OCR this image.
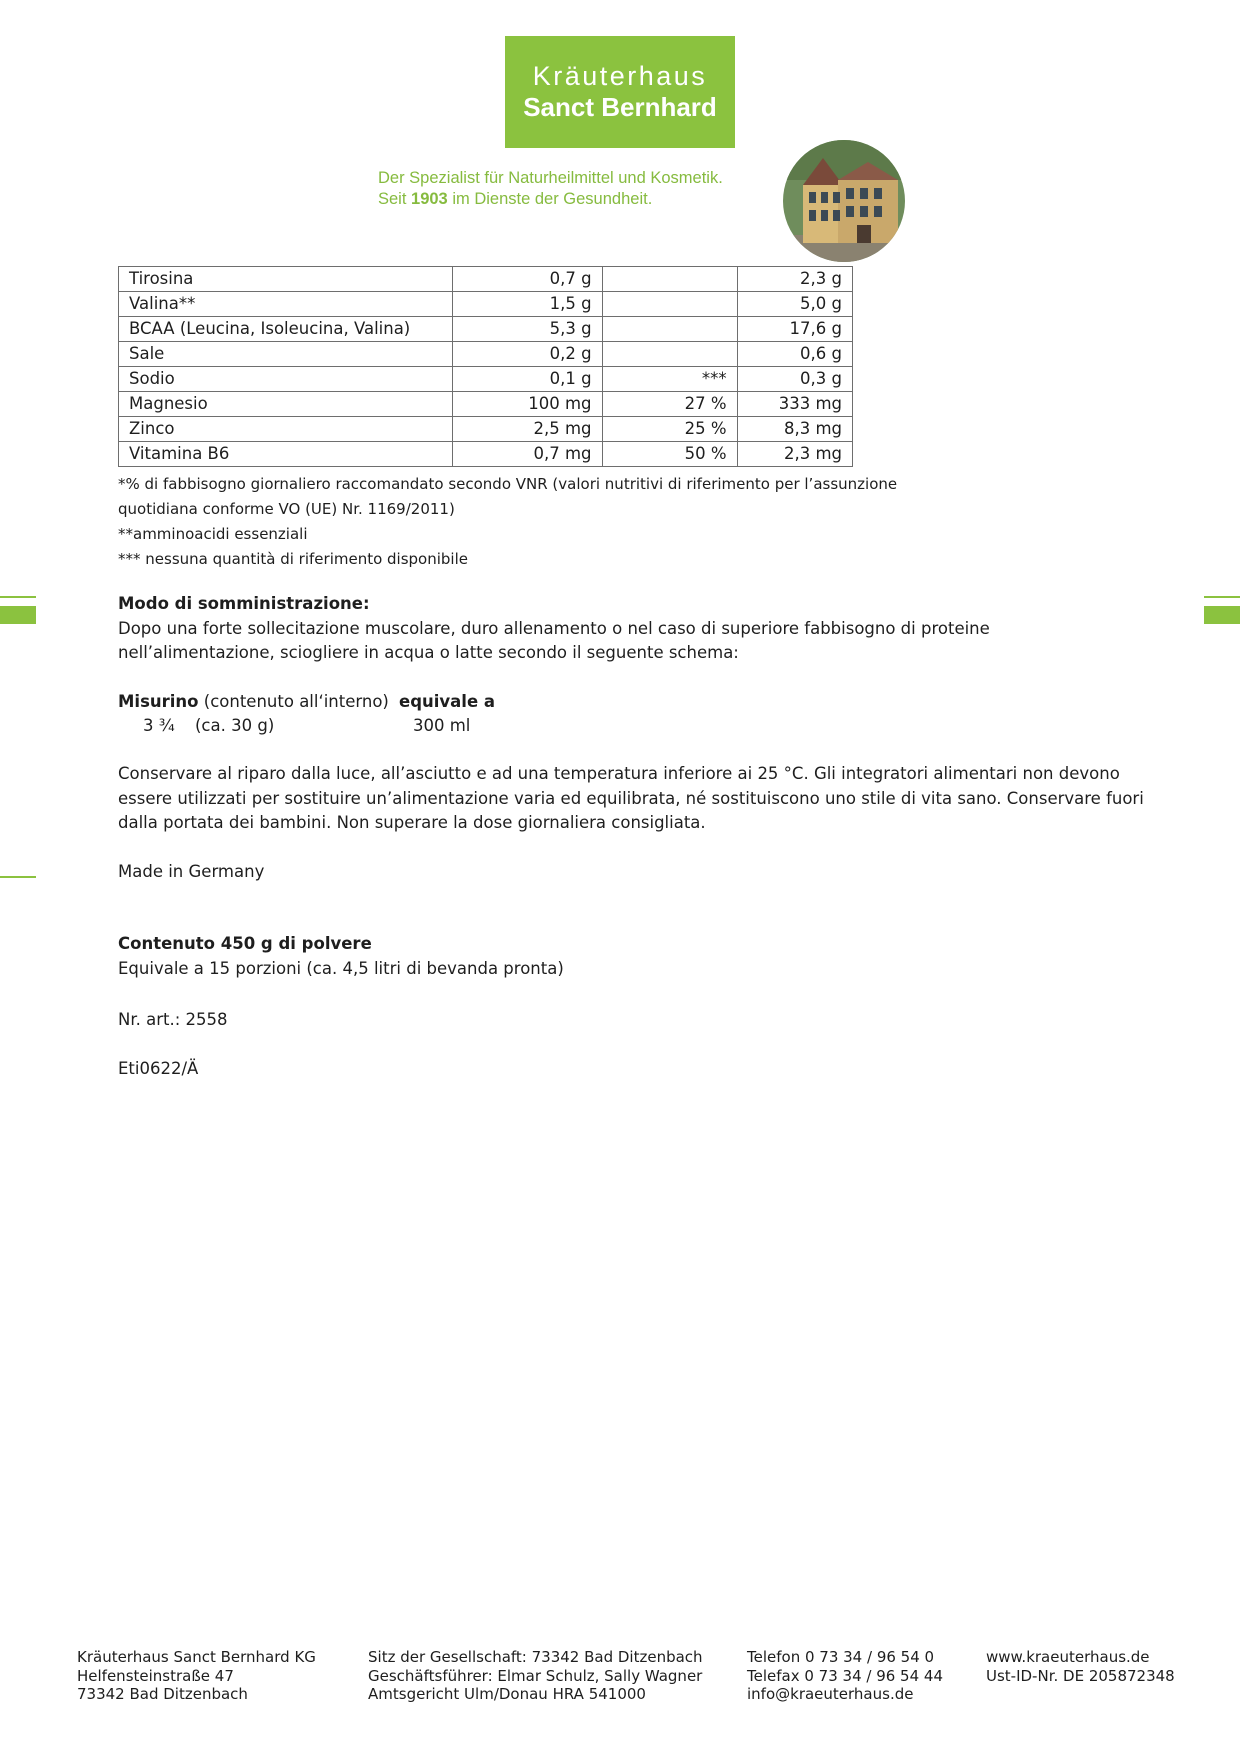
Kräuterhaus
Sanct Bernhard
Der Spezialist für Naturheilmittel und Kosmetik.
Seit 1903 im Dienste der Gesundheit.
Tirosina	0,7 g		2,3 g
Valina**	1,5 g		5,0 g
BCAA (Leucina, Isoleucina, Valina)	5,3 g		17,6 g
Sale	0,2 g		0,6 g
Sodio	0,1 g	***	0,3 g
Magnesio	100 mg	27 %	333 mg
Zinco	2,5 mg	25 %	8,3 mg
Vitamina B6	0,7 mg	50 %	2,3 mg
*% di fabbisogno giornaliero raccomandato secondo VNR (valori nutritivi di riferimento per l’assunzione
quotidiana conforme VO (UE) Nr. 1169/2011)
**amminoacidi essenziali
*** nessuna quantità di riferimento disponibile
Modo di somministrazione:
Dopo una forte sollecitazione muscolare, duro allenamento o nel caso di superiore fabbisogno di proteine
nell’alimentazione, sciogliere in acqua o latte secondo il seguente schema:
Misurino (contenuto all‘interno) equivale a
3 ¾ (ca. 30 g)	300 ml
Conservare al riparo dalla luce, all’asciutto e ad una temperatura inferiore ai 25 °C. Gli integratori alimentari non devono
essere utilizzati per sostituire un’alimentazione varia ed equilibrata, né sostituiscono uno stile di vita sano. Conservare fuori
dalla portata dei bambini. Non superare la dose giornaliera consigliata.
Made in Germany
Contenuto 450 g di polvere
Equivale a 15 porzioni (ca. 4,5 litri di bevanda pronta)
Nr. art.: 2558
Eti0622/Ä
Kräuterhaus Sanct Bernhard KG
Helfensteinstraße 47
73342 Bad Ditzenbach
Sitz der Gesellschaft: 73342 Bad Ditzenbach
Geschäftsführer: Elmar Schulz, Sally Wagner
Amtsgericht Ulm/Donau HRA 541000
Telefon 0 73 34 / 96 54 0
Telefax 0 73 34 / 96 54 44
info@kraeuterhaus.de
www.kraeuterhaus.de
Ust-ID-Nr. DE 205872348
